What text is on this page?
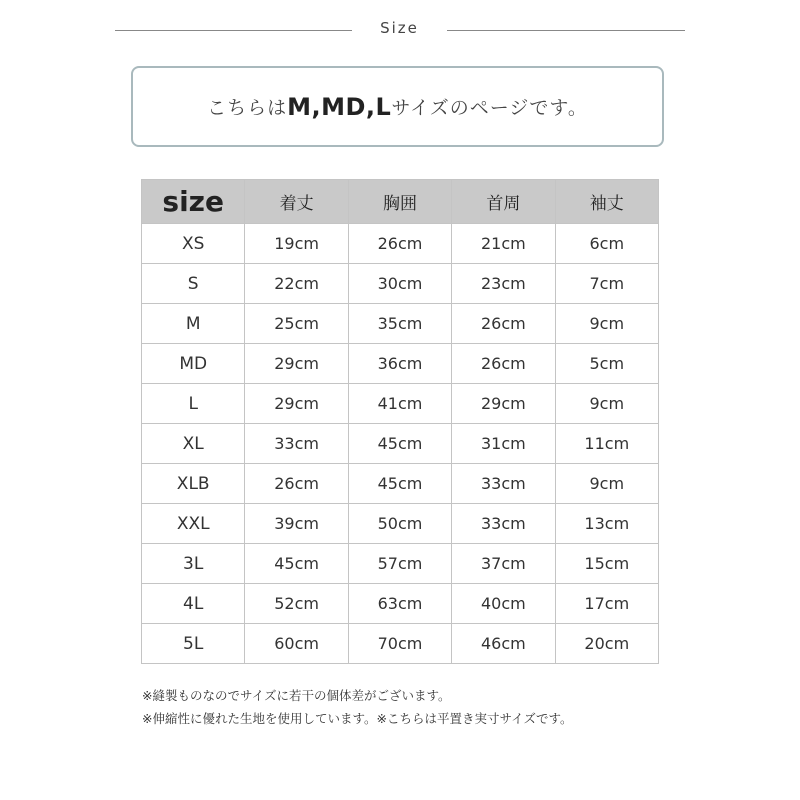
Size
こちらは M,MD,L サイズのページです。
size	着丈	胸囲	首周	袖丈
XS	19cm	26cm	21cm	6cm
S	22cm	30cm	23cm	7cm
M	25cm	35cm	26cm	9cm
MD	29cm	36cm	26cm	5cm
L	29cm	41cm	29cm	9cm
XL	33cm	45cm	31cm	11cm
XLB	26cm	45cm	33cm	9cm
XXL	39cm	50cm	33cm	13cm
3L	45cm	57cm	37cm	15cm
4L	52cm	63cm	40cm	17cm
5L	60cm	70cm	46cm	20cm
※縫製ものなのでサイズに若干の個体差がございます。
※伸縮性に優れた生地を使用しています。※こちらは平置き実寸サイズです。
